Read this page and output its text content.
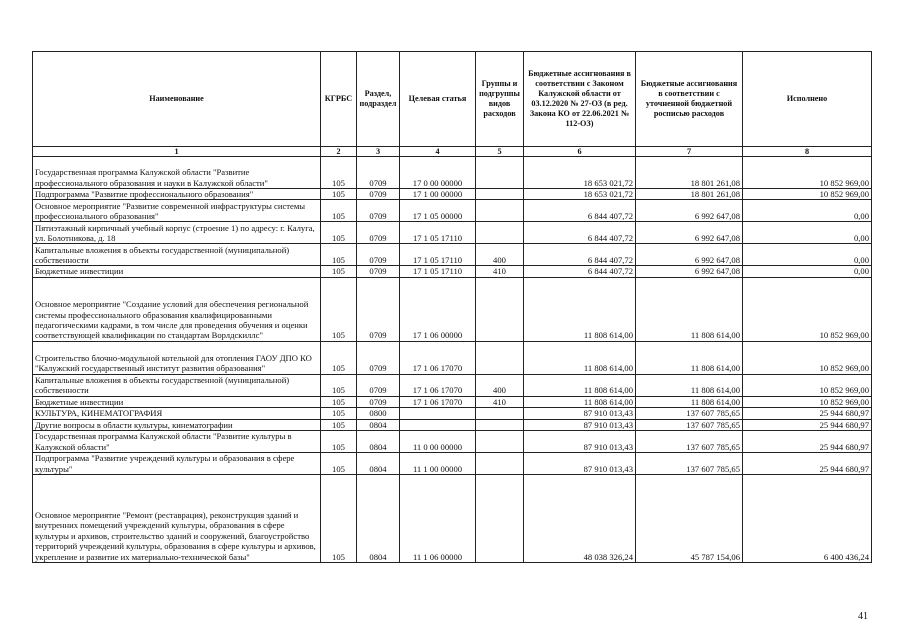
Наименование	КГРБС	Раздел, подраздел	Целевая статья	Группы и подгруппы видов расходов	Бюджетные ассигнования в соответствии с Законом Калужской области от 03.12.2020 № 27-ОЗ (в ред. Закона КО от 22.06.2021 № 112-ОЗ)	Бюджетные ассигнования в соответствии с уточненной бюджетной росписью расходов	Исполнено
1	2	3	4	5	6	7	8
Государственная программа Калужской области "Развитие профессионального образования и науки в Калужской области"	105	0709	17 0 00 00000		18 653 021,72	18 801 261,08	10 852 969,00
Подпрограмма "Развитие профессионального образования"	105	0709	17 1 00 00000		18 653 021,72	18 801 261,08	10 852 969,00
Основное мероприятие "Развитие современной инфраструктуры системы профессионального образования"	105	0709	17 1 05 00000		6 844 407,72	6 992 647,08	0,00
Пятиэтажный кирпичный учебный корпус (строение 1) по адресу: г. Калуга, ул. Болотникова, д. 18	105	0709	17 1 05 17110		6 844 407,72	6 992 647,08	0,00
Капитальные вложения в объекты государственной (муниципальной) собственности	105	0709	17 1 05 17110	400	6 844 407,72	6 992 647,08	0,00
Бюджетные инвестиции	105	0709	17 1 05 17110	410	6 844 407,72	6 992 647,08	0,00
Основное мероприятие "Создание условий для обеспечения региональной системы профессионального образования квалифицированными педагогическими кадрами, в том числе для проведения обучения и оценки соответствующей квалификации по стандартам Ворлдскиллс"	105	0709	17 1 06 00000		11 808 614,00	11 808 614,00	10 852 969,00
Строительство блочно-модульной котельной для отопления ГАОУ ДПО КО "Калужский государственный институт развития образования"	105	0709	17 1 06 17070		11 808 614,00	11 808 614,00	10 852 969,00
Капитальные вложения в объекты государственной (муниципальной) собственности	105	0709	17 1 06 17070	400	11 808 614,00	11 808 614,00	10 852 969,00
Бюджетные инвестиции	105	0709	17 1 06 17070	410	11 808 614,00	11 808 614,00	10 852 969,00
КУЛЬТУРА, КИНЕМАТОГРАФИЯ	105	0800			87 910 013,43	137 607 785,65	25 944 680,97
Другие вопросы в области культуры, кинематографии	105	0804			87 910 013,43	137 607 785,65	25 944 680,97
Государственная программа Калужской области "Развитие культуры в Калужской области"	105	0804	11 0 00 00000		87 910 013,43	137 607 785,65	25 944 680,97
Подпрограмма "Развитие учреждений культуры и образования в сфере культуры"	105	0804	11 1 00 00000		87 910 013,43	137 607 785,65	25 944 680,97
Основное мероприятие "Ремонт (реставрация), реконструкция зданий и внутренних помещений учреждений культуры, образования в сфере культуры и архивов, строительство зданий и сооружений, благоустройство территорий учреждений культуры, образования в сфере культуры и архивов, укрепление и развитие их материально-технической базы"	105	0804	11 1 06 00000		48 038 326,24	45 787 154,06	6 400 436,24
41
